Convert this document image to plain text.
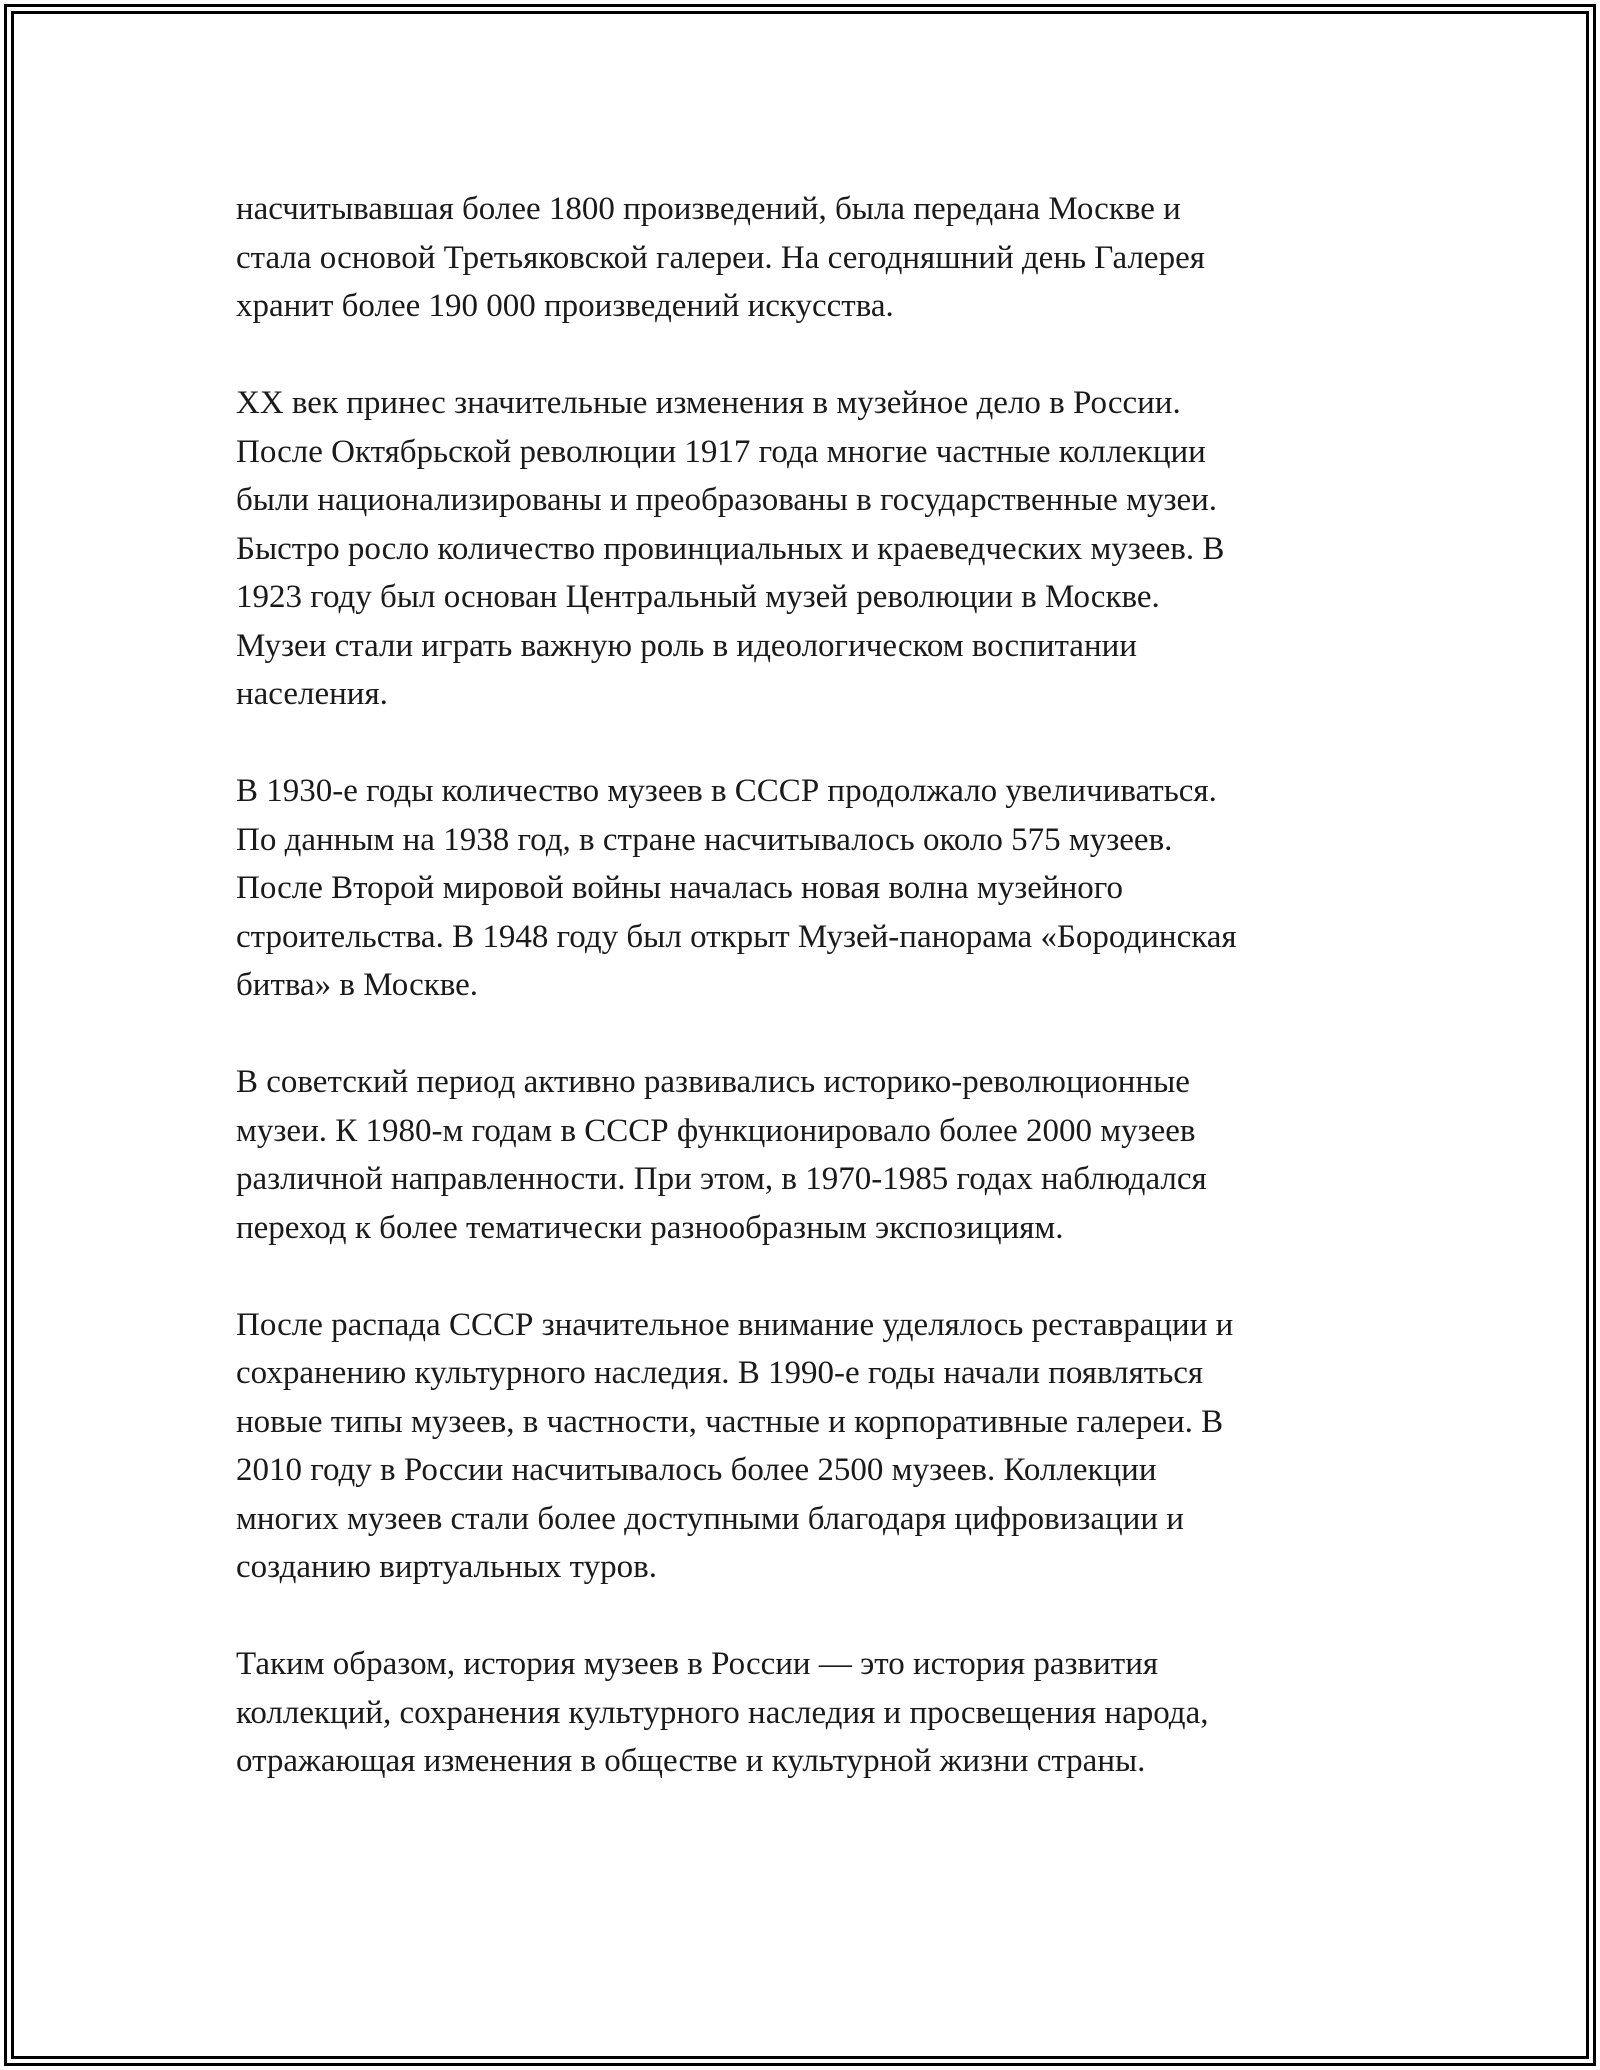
насчитывавшая более 1800 произведений, была передана Москве и
стала основой Третьяковской галереи. На сегодняшний день Галерея
хранит более 190 000 произведений искусства.

XX век принес значительные изменения в музейное дело в России.
После Октябрьской революции 1917 года многие частные коллекции
были национализированы и преобразованы в государственные музеи.
Быстро росло количество провинциальных и краеведческих музеев. В
1923 году был основан Центральный музей революции в Москве.
Музеи стали играть важную роль в идеологическом воспитании
населения.

В 1930-е годы количество музеев в СССР продолжало увеличиваться.
По данным на 1938 год, в стране насчитывалось около 575 музеев.
После Второй мировой войны началась новая волна музейного
строительства. В 1948 году был открыт Музей-панорама «Бородинская
битва» в Москве.

В советский период активно развивались историко-революционные
музеи. К 1980-м годам в СССР функционировало более 2000 музеев
различной направленности. При этом, в 1970-1985 годах наблюдался
переход к более тематически разнообразным экспозициям.

После распада СССР значительное внимание уделялось реставрации и
сохранению культурного наследия. В 1990-е годы начали появляться
новые типы музеев, в частности, частные и корпоративные галереи. В
2010 году в России насчитывалось более 2500 музеев. Коллекции
многих музеев стали более доступными благодаря цифровизации и
созданию виртуальных туров.

Таким образом, история музеев в России — это история развития
коллекций, сохранения культурного наследия и просвещения народа,
отражающая изменения в обществе и культурной жизни страны.
